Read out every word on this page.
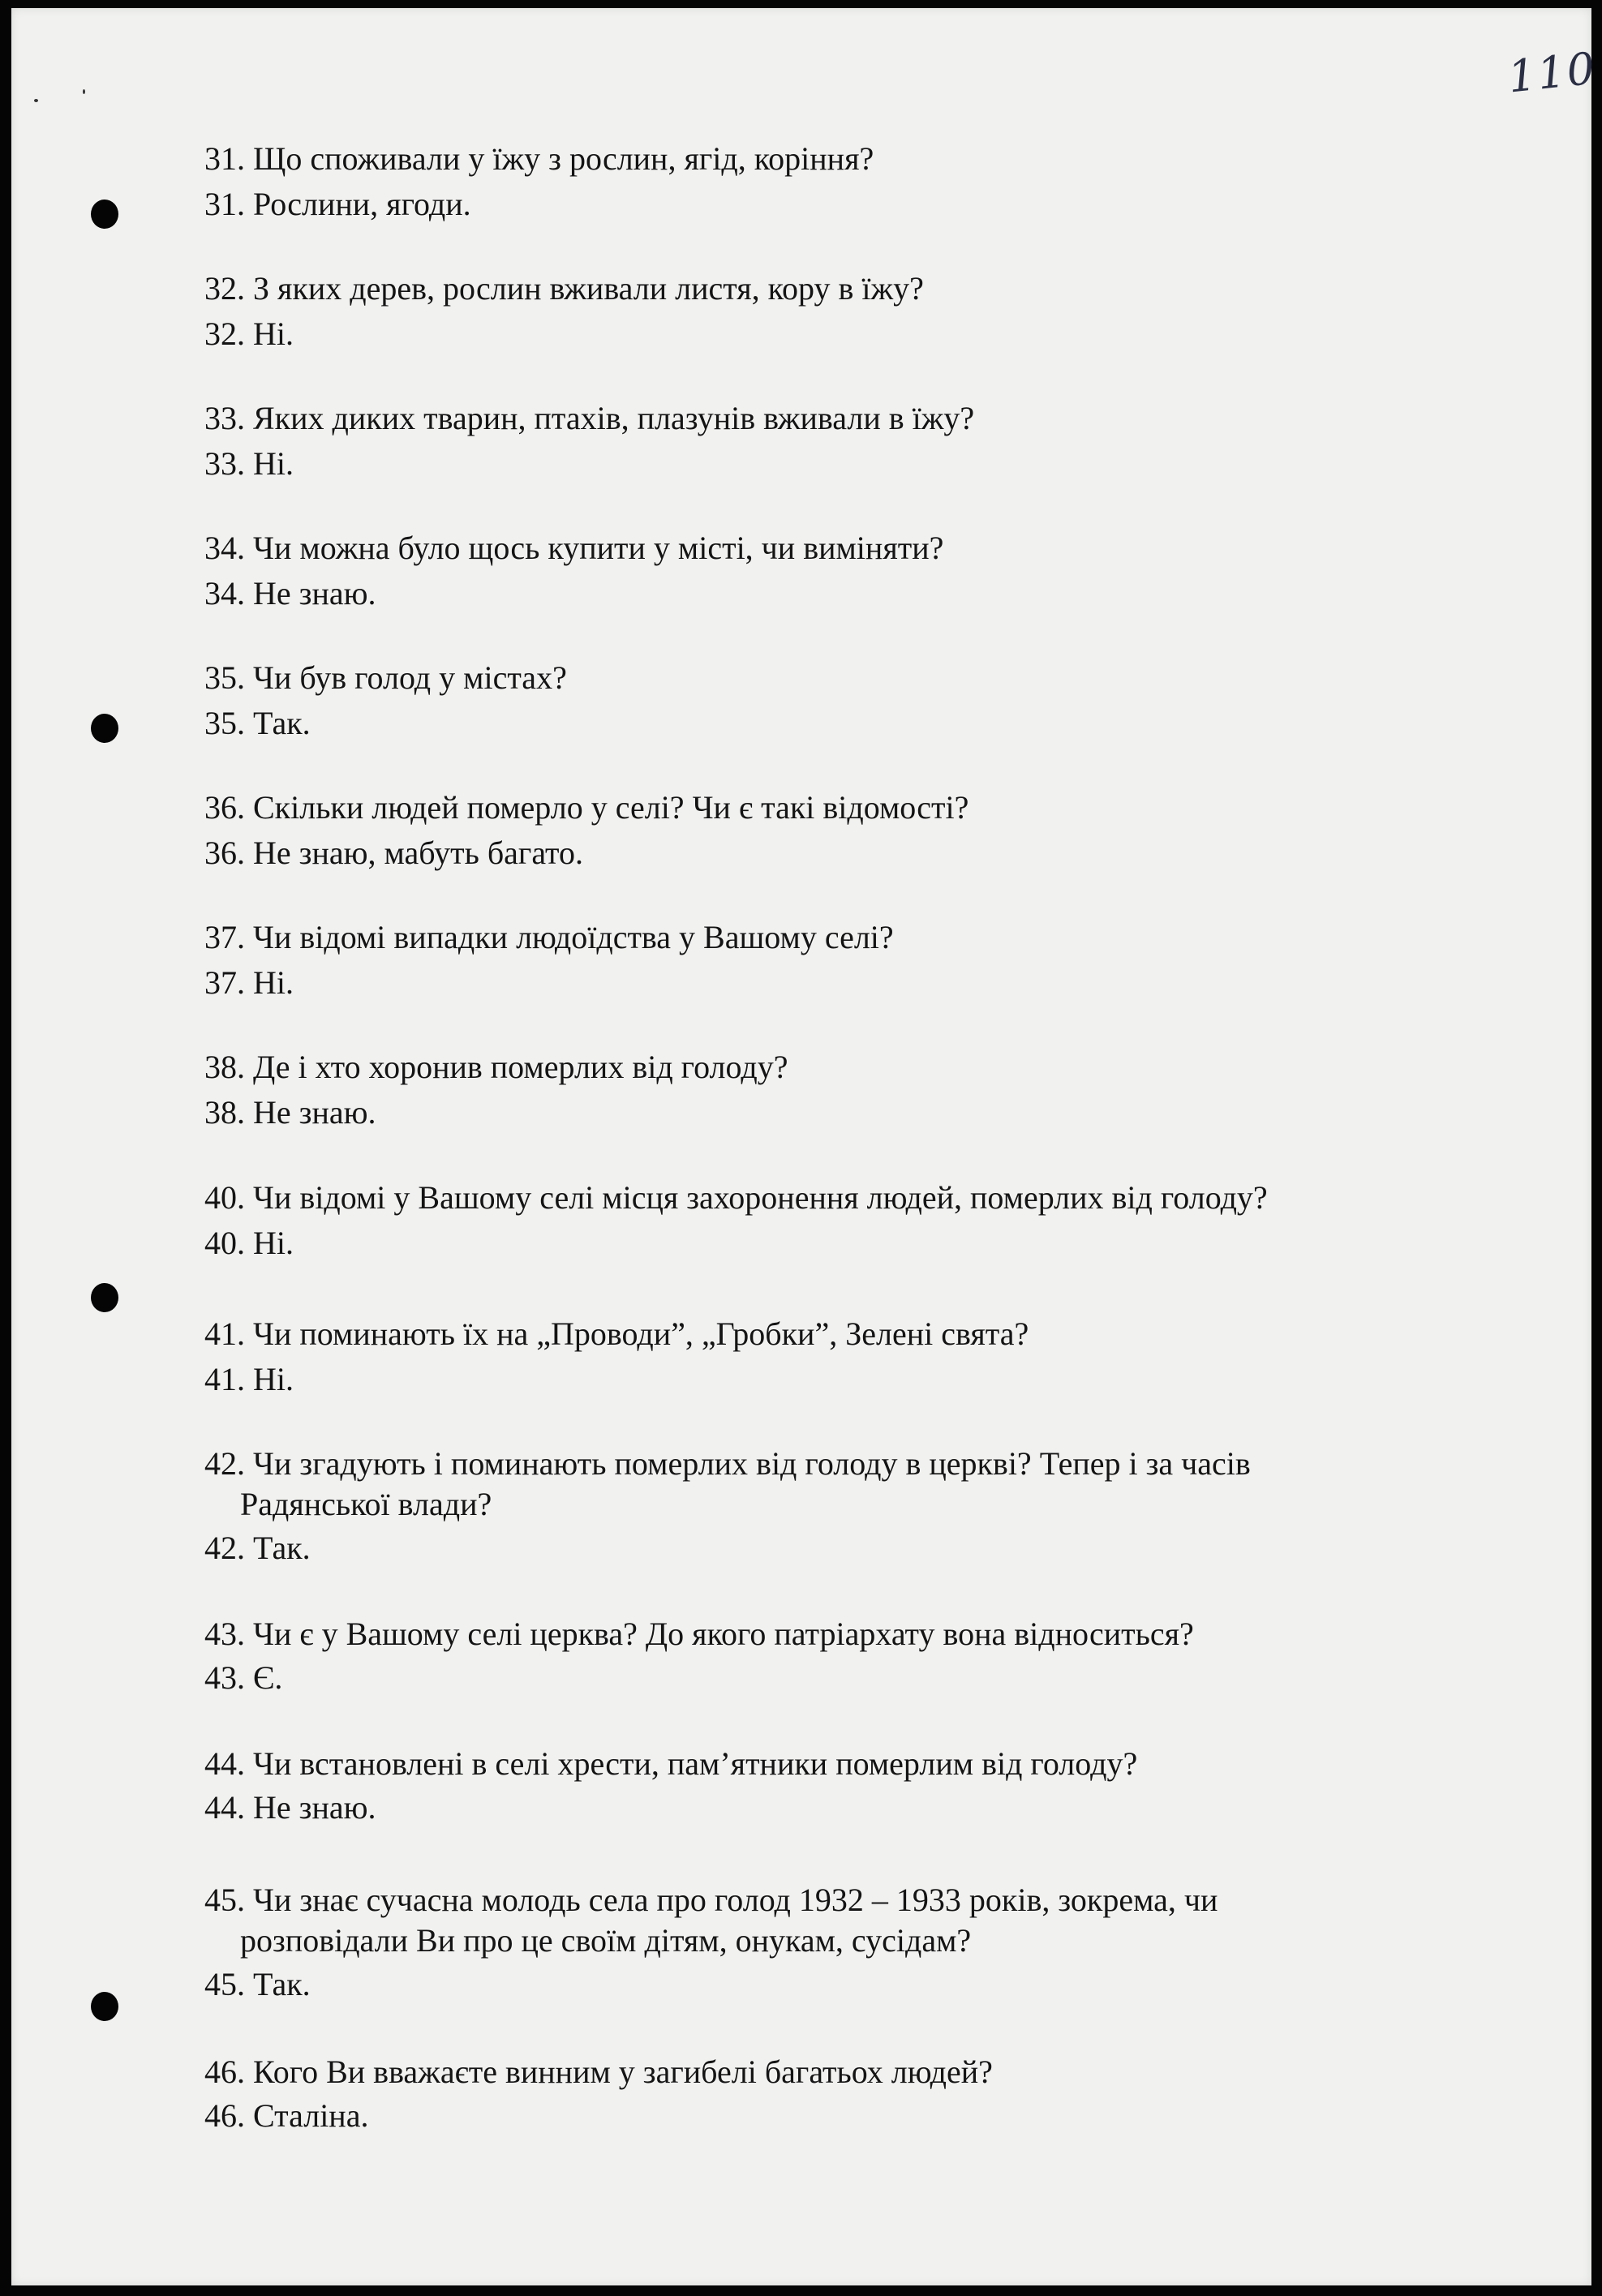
110
31. Що споживали у їжу з рослин, ягід, коріння?
31. Рослини, ягоди.
32. З яких дерев, рослин вживали листя, кору в їжу?
32. Ні.
33. Яких диких тварин, птахів, плазунів вживали в їжу?
33. Ні.
34. Чи можна було щось купити у місті, чи виміняти?
34. Не знаю.
35. Чи був голод у містах?
35. Так.
36. Скільки людей померло у селі? Чи є такі відомості?
36. Не знаю, мабуть багато.
37. Чи відомі випадки людоїдства у Вашому селі?
37. Ні.
38. Де і хто хоронив померлих від голоду?
38. Не знаю.
40. Чи відомі у Вашому селі місця захоронення людей, померлих від голоду?
40. Ні.
41. Чи поминають їх на „Проводи”, „Гробки”, Зелені свята?
41. Ні.
42. Чи згадують і поминають померлих від голоду в церкві? Тепер і за часів
Радянської влади?
42. Так.
43. Чи є у Вашому селі церква? До якого патріархату вона відноситься?
43. Є.
44. Чи встановлені в селі хрести, пам’ятники померлим від голоду?
44. Не знаю.
45. Чи знає сучасна молодь села про голод 1932 – 1933 років, зокрема, чи
розповідали Ви про це своїм дітям, онукам, сусідам?
45. Так.
46. Кого Ви вважаєте винним у загибелі багатьох людей?
46. Сталіна.
